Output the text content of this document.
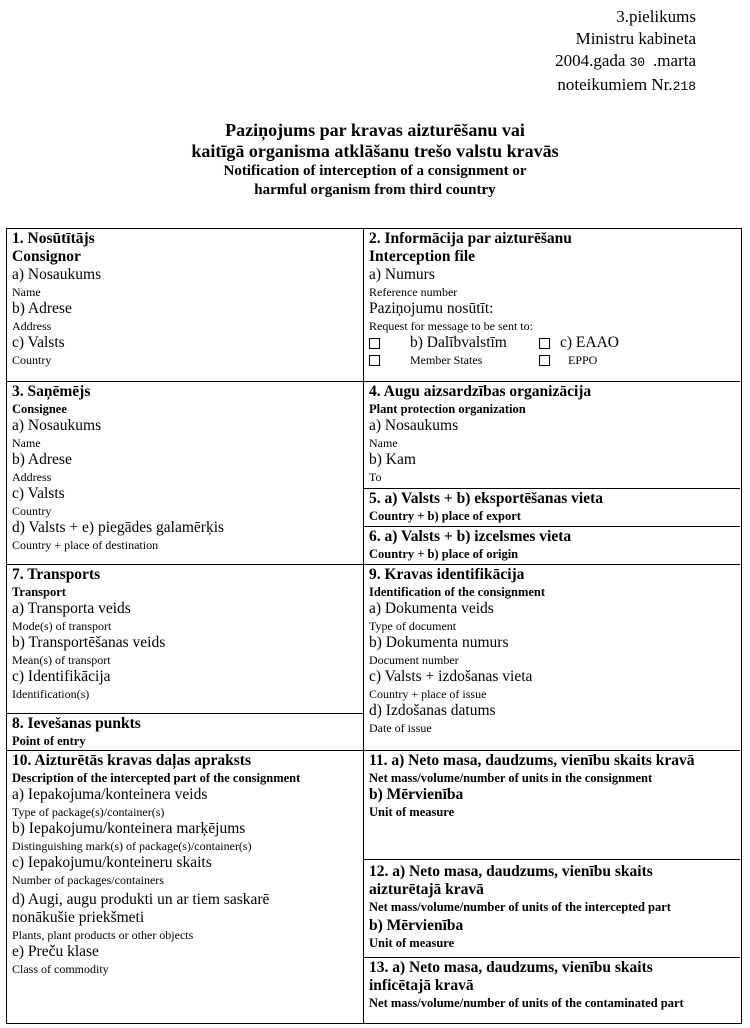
3.pielikums
Ministru kabineta
2004.gada 30 .marta
noteikumiem Nr.218
Paziņojums par kravas aizturēšanu vai
kaitīgā organisma atklāšanu trešo valstu kravās
Notification of interception of a consignment or
harmful organism from third country
1. Nosūtītājs
Consignor
a) Nosaukums
Name
b) Adrese
Address
c) Valsts
Country
2. Informācija par aizturēšanu
Interception file
a) Numurs
Reference number
Paziņojumu nosūtīt:
Request for message to be sent to:
b) Dalībvalstīm	c) EAAO
Member States	EPPO
3. Saņēmējs
Consignee
a) Nosaukums
Name
b) Adrese
Address
c) Valsts
Country
d) Valsts + e) piegādes galamērķis
Country + place of destination
4. Augu aizsardzības organizācija
Plant protection organization
a) Nosaukums
Name
b) Kam
To
5. a) Valsts + b) eksportēšanas vieta
Country + b) place of export
6. a) Valsts + b) izcelsmes vieta
Country + b) place of origin
7. Transports
Transport
a) Transporta veids
Mode(s) of transport
b) Transportēšanas veids
Mean(s) of transport
c) Identifikācija
Identification(s)
8. Ievešanas punkts
Point of entry
9. Kravas identifikācija
Identification of the consignment
a) Dokumenta veids
Type of document
b) Dokumenta numurs
Document number
c) Valsts + izdošanas vieta
Country + place of issue
d) Izdošanas datums
Date of issue
10. Aizturētās kravas daļas apraksts
Description of the intercepted part of the consignment
a) Iepakojuma/konteinera veids
Type of package(s)/container(s)
b) Iepakojumu/konteinera marķējums
Distinguishing mark(s) of package(s)/container(s)
c) Iepakojumu/konteineru skaits
Number of packages/containers
d) Augi, augu produkti un ar tiem saskarē
nonākušie priekšmeti
Plants, plant products or other objects
e) Preču klase
Class of commodity
11. a) Neto masa, daudzums, vienību skaits kravā
Net mass/volume/number of units in the consignment
b) Mērvienība
Unit of measure
12. a) Neto masa, daudzums, vienību skaits
aizturētajā kravā
Net mass/volume/number of units of the intercepted part
b) Mērvienība
Unit of measure
13. a) Neto masa, daudzums, vienību skaits
inficētajā kravā
Net mass/volume/number of units of the contaminated part
